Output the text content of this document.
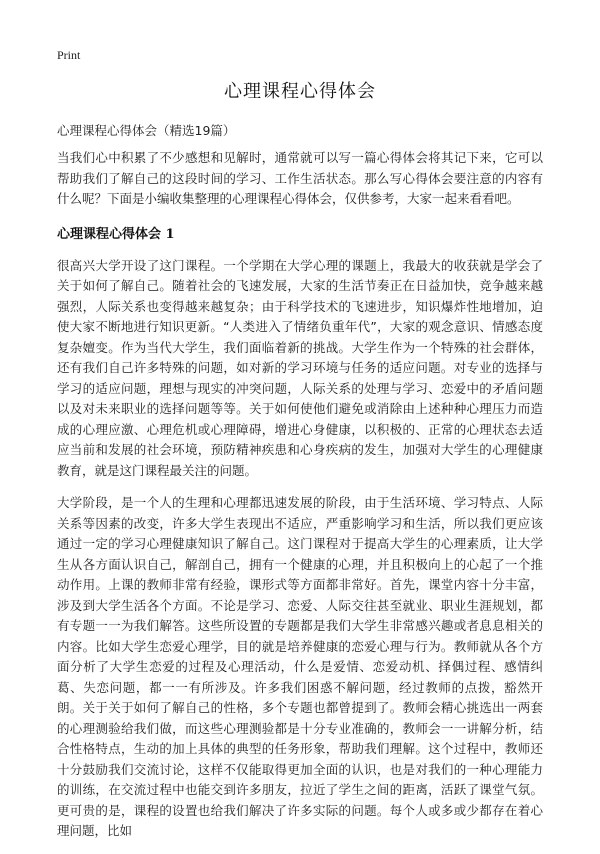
Print
心理课程心得体会

心理课程心得体会（精选19篇）

当我们心中积累了不少感想和见解时，通常就可以写一篇心得体会将其记下来，它可以帮助我们了解自己的这段时间的学习、工作生活状态。那么写心得体会要注意的内容有什么呢？下面是小编收集整理的心理课程心得体会，仅供参考，大家一起来看看吧。

心理课程心得体会 1

很高兴大学开设了这门课程。一个学期在大学心理的课题上，我最大的收获就是学会了关于如何了解自己。随着社会的飞速发展，大家的生活节奏正在日益加快，竞争越来越强烈，人际关系也变得越来越复杂；由于科学技术的飞速进步，知识爆炸性地增加，迫使大家不断地进行知识更新。“人类进入了情绪负重年代”，大家的观念意识、情感态度复杂嬗变。作为当代大学生，我们面临着新的挑战。大学生作为一个特殊的社会群体，还有我们自己许多特殊的问题，如对新的学习环境与任务的适应问题。对专业的选择与学习的适应问题，理想与现实的冲突问题，人际关系的处理与学习、恋爱中的矛盾问题以及对未来职业的选择问题等等。关于如何使他们避免或消除由上述种种心理压力而造成的心理应激、心理危机或心理障碍，增进心身健康，以积极的、正常的心理状态去适应当前和发展的社会环境，预防精神疾患和心身疾病的发生，加强对大学生的心理健康教育，就是这门课程最关注的问题。

大学阶段，是一个人的生理和心理都迅速发展的阶段，由于生活环境、学习特点、人际关系等因素的改变，许多大学生表现出不适应，严重影响学习和生活，所以我们更应该通过一定的学习心理健康知识了解自己。这门课程对于提高大学生的心理素质，让大学生从各方面认识自己，解剖自己，拥有一个健康的心理，并且积极向上的心起了一个推动作用。上课的教师非常有经验，课形式等方面都非常好。首先，课堂内容十分丰富，涉及到大学生活各个方面。不论是学习、恋爱、人际交往甚至就业、职业生涯规划，都有专题一一为我们解答。这些所设置的专题都是我们大学生非常感兴趣或者息息相关的内容。比如大学生恋爱心理学，目的就是培养健康的恋爱心理与行为。教师就从各个方面分析了大学生恋爱的过程及心理活动，什么是爱情、恋爱动机、择偶过程、感情纠葛、失恋问题，都一一有所涉及。许多我们困惑不解问题，经过教师的点拨，豁然开朗。关于关于如何了解自己的性格，多个专题也都曾提到了。教师会精心挑选出一两套的心理测验给我们做，而这些心理测验都是十分专业准确的，教师会一一讲解分析，结合性格特点，生动的加上具体的典型的任务形象，帮助我们理解。这个过程中，教师还十分鼓励我们交流讨论，这样不仅能取得更加全面的认识，也是对我们的一种心理能力的训练，在交流过程中也能交到许多朋友，拉近了学生之间的距离，活跃了课堂气氛。更可贵的是，课程的设置也给我们解决了许多实际的问题。每个人或多或少都存在着心理问题，比如
